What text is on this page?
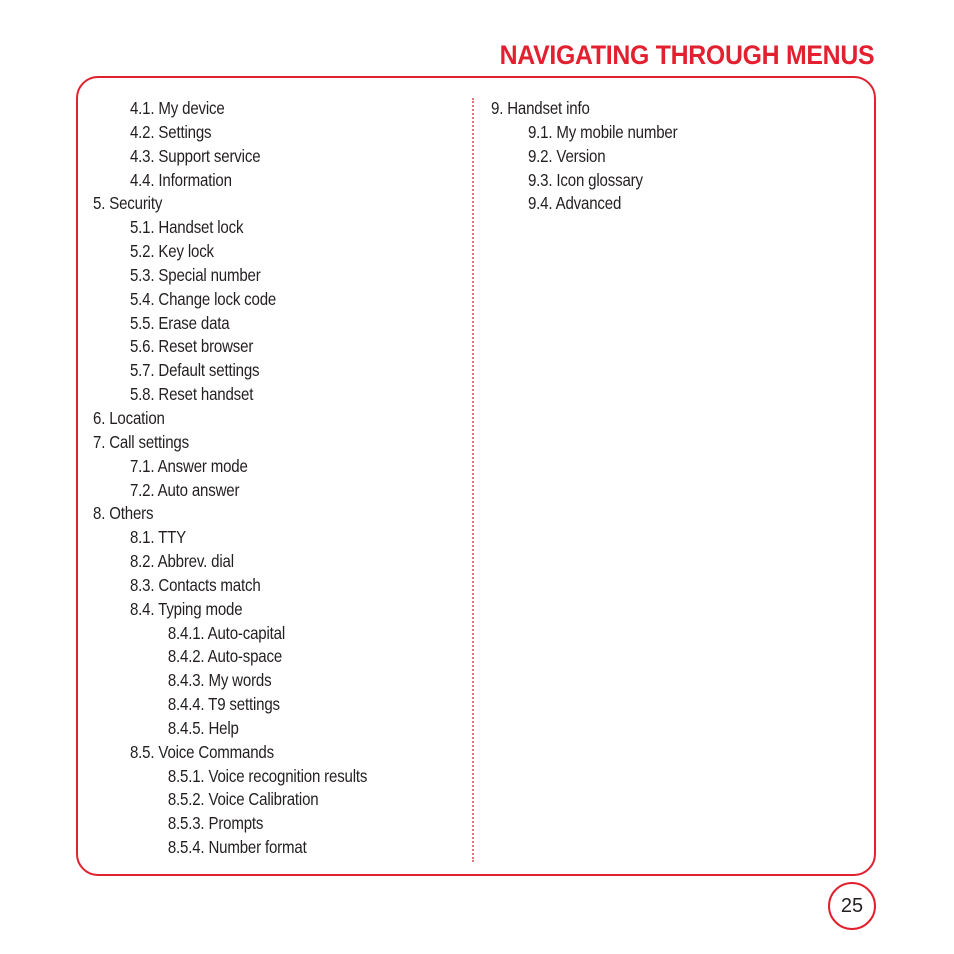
NAVIGATING THROUGH MENUS
4.1. My device
4.2. Settings
4.3. Support service
4.4. Information
5. Security
5.1. Handset lock
5.2. Key lock
5.3. Special number
5.4. Change lock code
5.5. Erase data
5.6. Reset browser
5.7. Default settings
5.8. Reset handset
6. Location
7. Call settings
7.1. Answer mode
7.2. Auto answer
8. Others
8.1. TTY
8.2. Abbrev. dial
8.3. Contacts match
8.4. Typing mode
8.4.1. Auto-capital
8.4.2. Auto-space
8.4.3. My words
8.4.4. T9 settings
8.4.5. Help
8.5. Voice Commands
8.5.1. Voice recognition results
8.5.2. Voice Calibration
8.5.3. Prompts
8.5.4. Number format
9. Handset info
9.1. My mobile number
9.2. Version
9.3. Icon glossary
9.4. Advanced
25
